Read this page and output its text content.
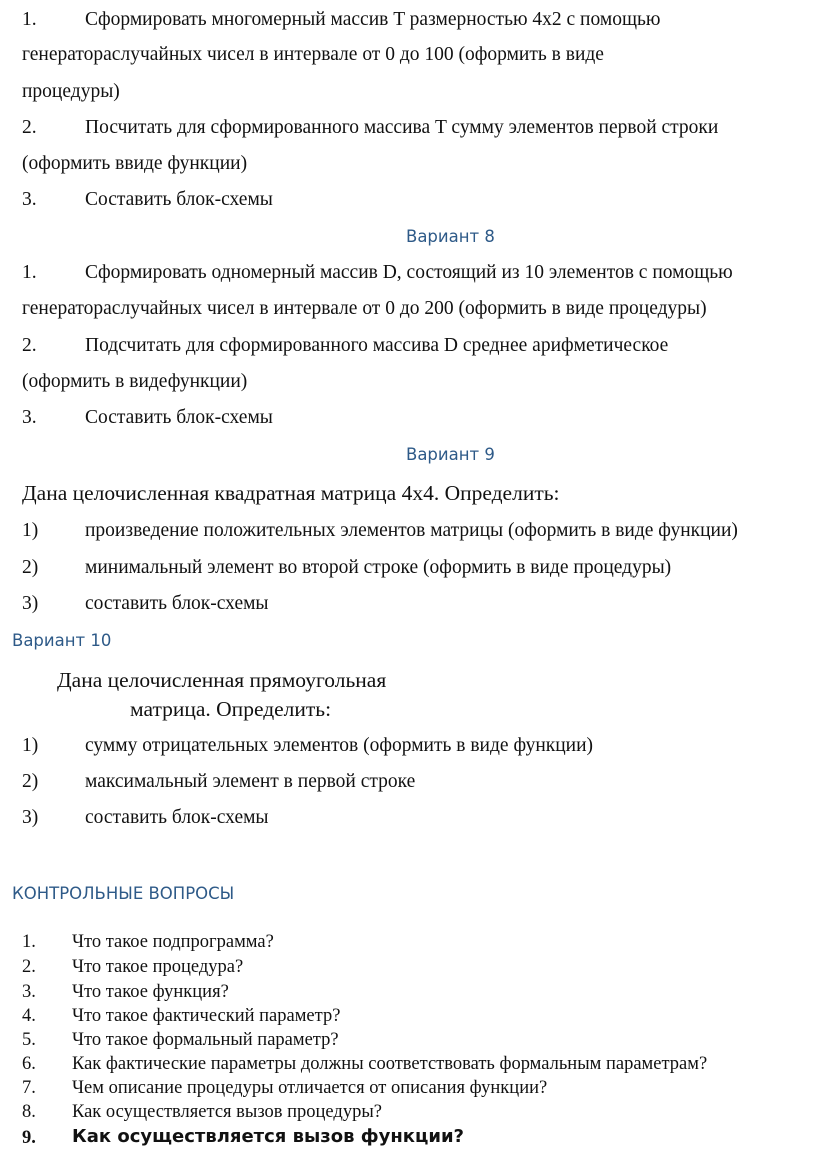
1. Сформировать многомерный массив T размерностью 4x2 с помощью
генератораслучайных чисел в интервале от 0 до 100 (оформить в виде
процедуры)
2. Посчитать для сформированного массива T сумму элементов первой строки
(оформить ввиде функции)
3. Составить блок-схемы
Вариант 8
1. Сформировать одномерный массив D, состоящий из 10 элементов с помощью
генератораслучайных чисел в интервале от 0 до 200 (оформить в виде процедуры)
2. Подсчитать для сформированного массива D среднее арифметическое
(оформить в видефункции)
3. Составить блок-схемы
Вариант 9
Дана целочисленная квадратная матрица 4x4. Определить:
1) произведение положительных элементов матрицы (оформить в виде функции)
2) минимальный элемент во второй строке (оформить в виде процедуры)
3) составить блок-схемы
Вариант 10
Дана целочисленная прямоугольная
матрица. Определить:
1) сумму отрицательных элементов (оформить в виде функции)
2) максимальный элемент в первой строке
3) составить блок-схемы
КОНТРОЛЬНЫЕ ВОПРОСЫ
1. Что такое подпрограмма?
2. Что такое процедура?
3. Что такое функция?
4. Что такое фактический параметр?
5. Что такое формальный параметр?
6. Как фактические параметры должны соответствовать формальным параметрам?
7. Чем описание процедуры отличается от описания функции?
8. Как осуществляется вызов процедуры?
9. Как осуществляется вызов функции?
